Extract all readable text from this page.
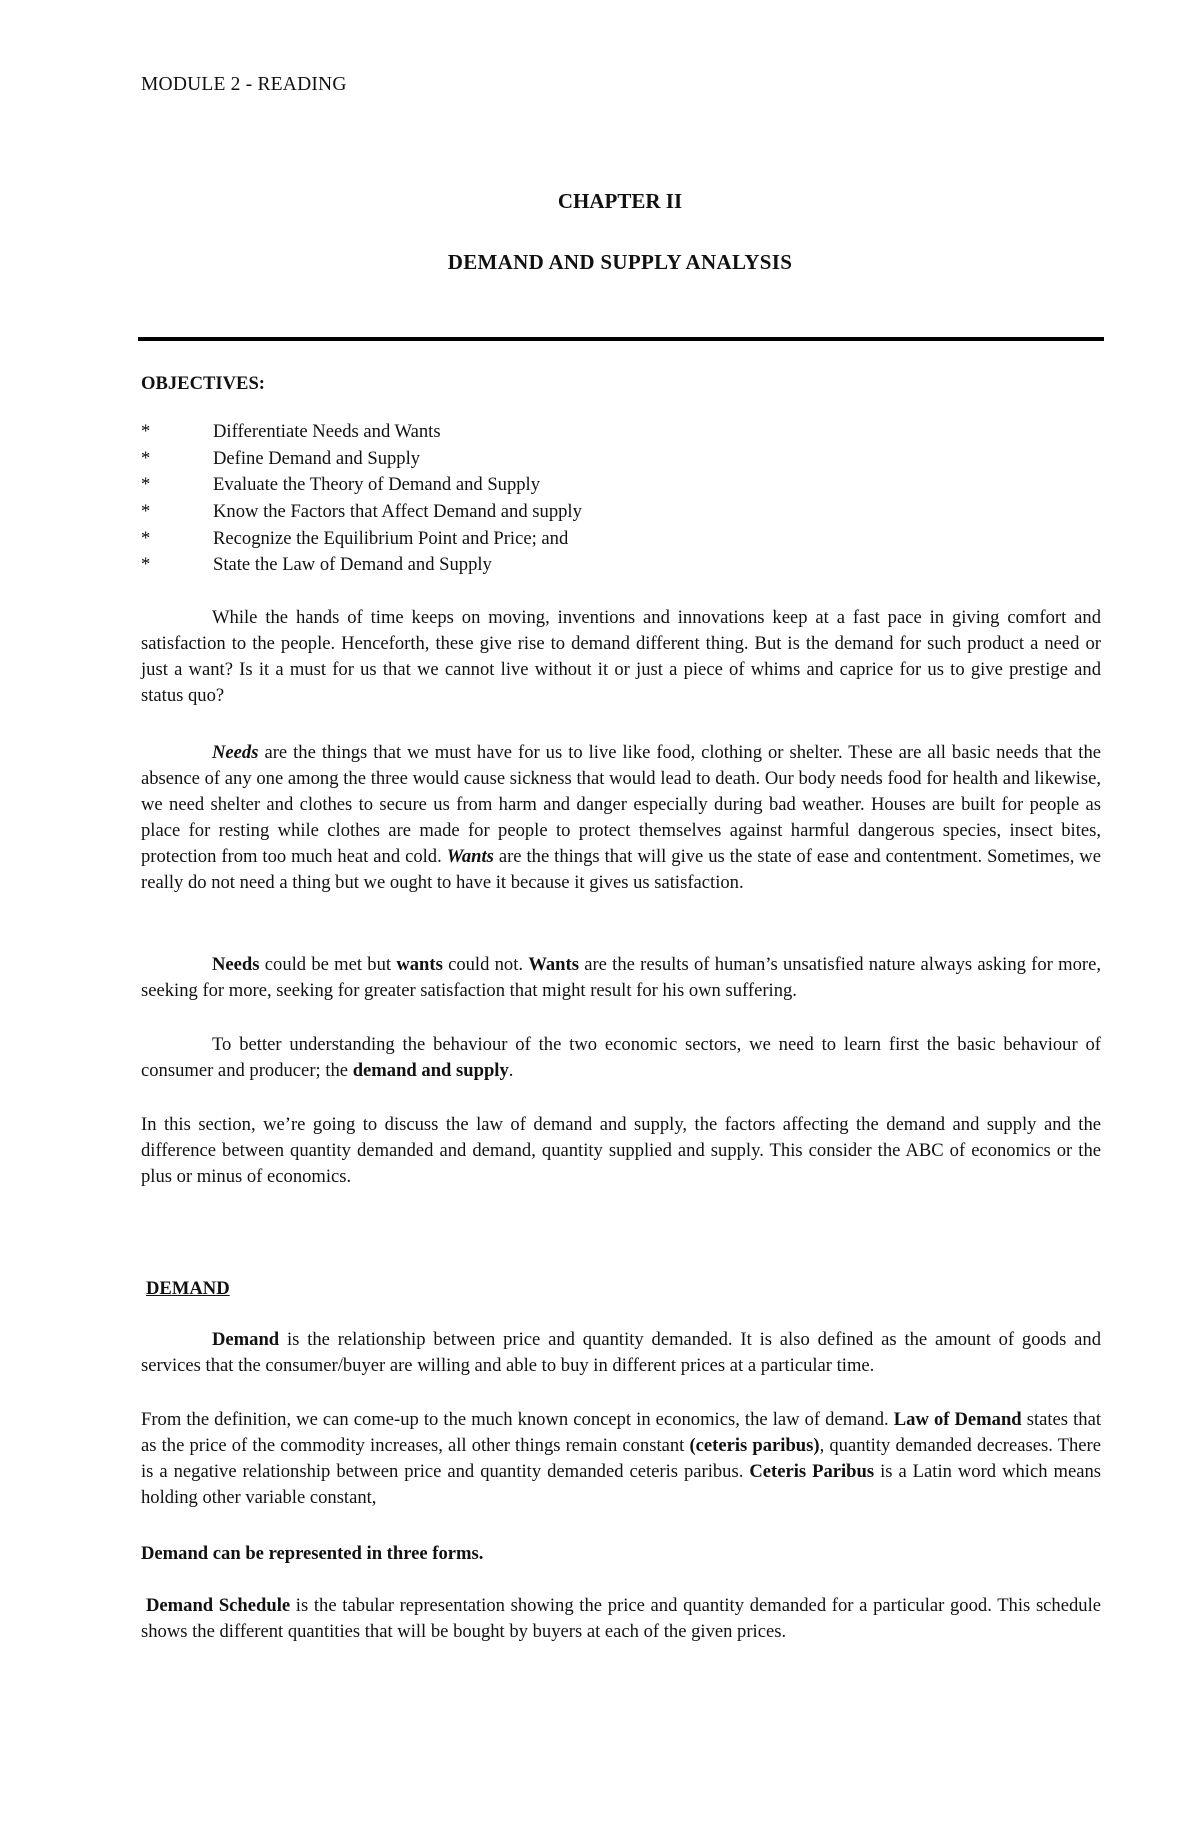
MODULE 2 - READING
CHAPTER II
DEMAND AND SUPPLY ANALYSIS
OBJECTIVES:
*	Differentiate Needs and Wants
*	Define Demand and Supply
*	Evaluate the Theory of Demand and Supply
*	Know the Factors that Affect Demand and supply
*	Recognize the Equilibrium Point and Price; and
*	State the Law of Demand and Supply

While the hands of time keeps on moving, inventions and innovations keep at a fast pace in giving comfort and satisfaction to the people. Henceforth, these give rise to demand different thing. But is the demand for such product a need or just a want? Is it a must for us that we cannot live without it or just a piece of whims and caprice for us to give prestige and status quo?

Needs are the things that we must have for us to live like food, clothing or shelter. These are all basic needs that the absence of any one among the three would cause sickness that would lead to death. Our body needs food for health and likewise, we need shelter and clothes to secure us from harm and danger especially during bad weather. Houses are built for people as place for resting while clothes are made for people to protect themselves against harmful dangerous species, insect bites, protection from too much heat and cold. Wants are the things that will give us the state of ease and contentment. Sometimes, we really do not need a thing but we ought to have it because it gives us satisfaction.

Needs could be met but wants could not. Wants are the results of human’s unsatisfied nature always asking for more, seeking for more, seeking for greater satisfaction that might result for his own suffering.

To better understanding the behaviour of the two economic sectors, we need to learn first the basic behaviour of consumer and producer; the demand and supply.

In this section, we’re going to discuss the law of demand and supply, the factors affecting the demand and supply and the difference between quantity demanded and demand, quantity supplied and supply. This consider the ABC of economics or the plus or minus of economics.

DEMAND

Demand is the relationship between price and quantity demanded. It is also defined as the amount of goods and services that the consumer/buyer are willing and able to buy in different prices at a particular time.

From the definition, we can come-up to the much known concept in economics, the law of demand. Law of Demand states that as the price of the commodity increases, all other things remain constant (ceteris paribus), quantity demanded decreases. There is a negative relationship between price and quantity demanded ceteris paribus. Ceteris Paribus is a Latin word which means holding other variable constant,

Demand can be represented in three forms.

Demand Schedule is the tabular representation showing the price and quantity demanded for a particular good. This schedule shows the different quantities that will be bought by buyers at each of the given prices.
